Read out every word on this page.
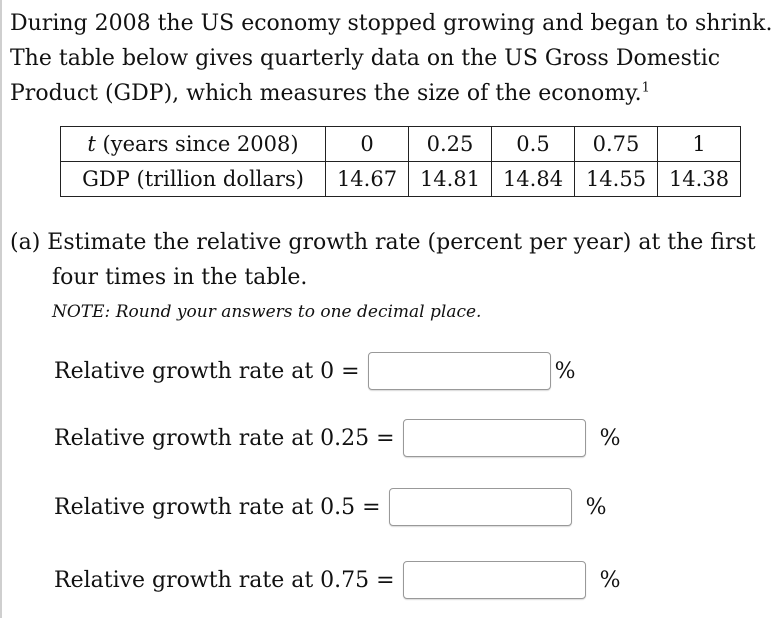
During 2008 the US economy stopped growing and began to shrink.
The table below gives quarterly data on the US Gross Domestic
Product (GDP), which measures the size of the economy.$^1$
t (years since 2008)	0	0.25	0.5	0.75	1
GDP (trillion dollars)	14.67	14.81	14.84	14.55	14.38
(a) Estimate the relative growth rate (percent per year) at the first
four times in the table.
NOTE: Round your answers to one decimal place.
Relative growth rate at 0 =	%
Relative growth rate at 0.25 =	%
Relative growth rate at 0.5 =	%
Relative growth rate at 0.75 =	%
